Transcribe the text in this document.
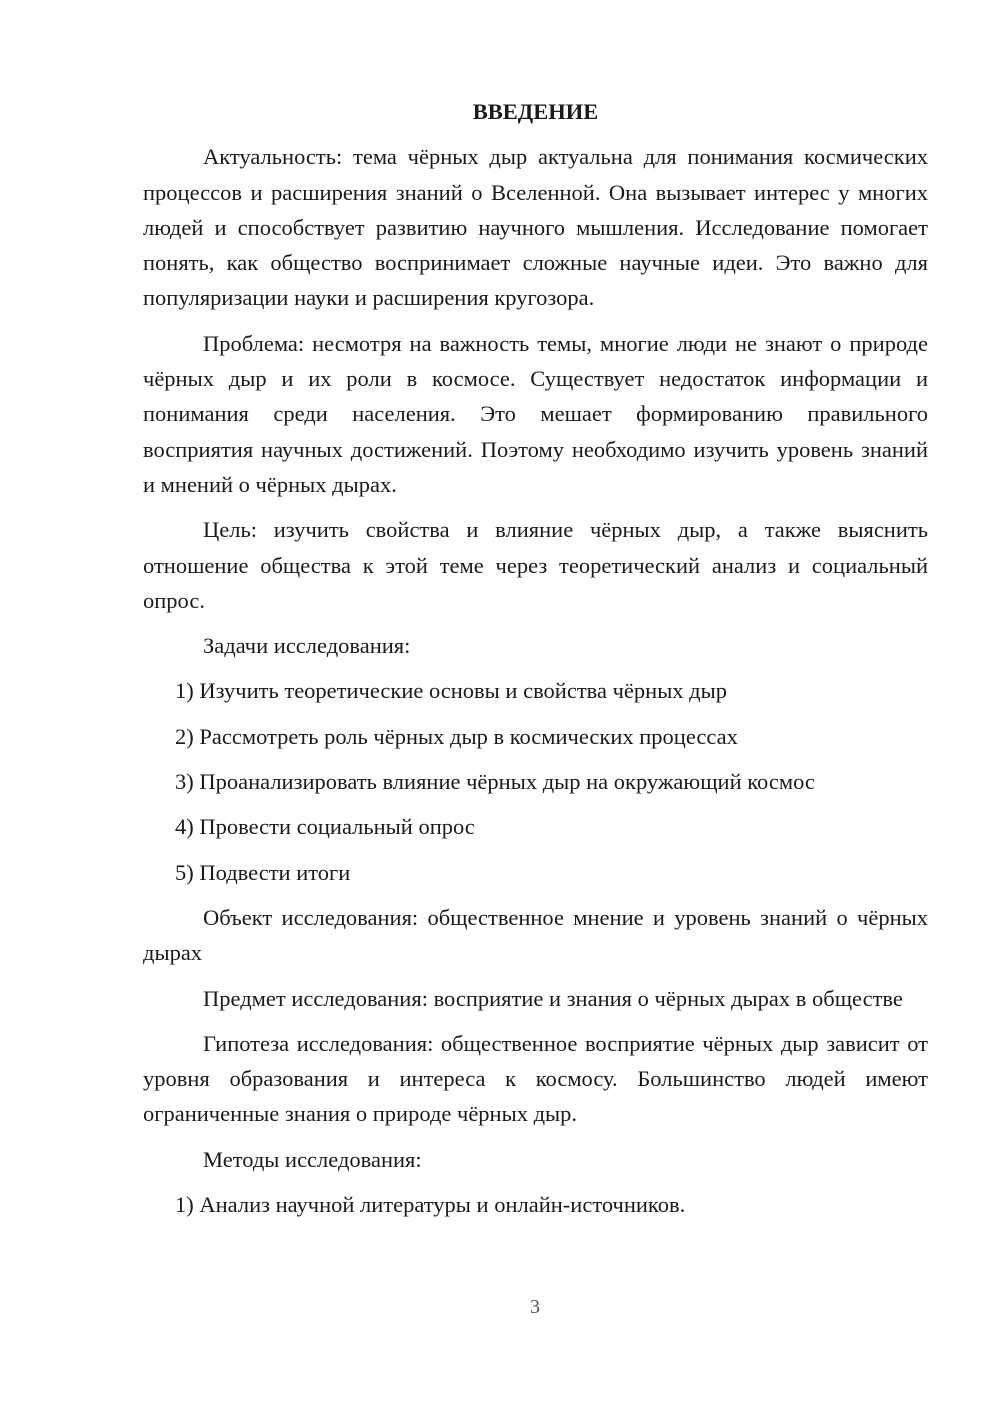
ВВЕДЕНИЕ

Актуальность: тема чёрных дыр актуальна для понимания космических процессов и расширения знаний о Вселенной. Она вызывает интерес у многих людей и способствует развитию научного мышления. Исследование помогает понять, как общество воспринимает сложные научные идеи. Это важно для популяризации науки и расширения кругозора.

Проблема: несмотря на важность темы, многие люди не знают о природе чёрных дыр и их роли в космосе. Существует недостаток информации и понимания среди населения. Это мешает формированию правильного восприятия научных достижений. Поэтому необходимо изучить уровень знаний и мнений о чёрных дырах.

Цель: изучить свойства и влияние чёрных дыр, а также выяснить отношение общества к этой теме через теоретический анализ и социальный опрос.

Задачи исследования:

1) Изучить теоретические основы и свойства чёрных дыр

2) Рассмотреть роль чёрных дыр в космических процессах

3) Проанализировать влияние чёрных дыр на окружающий космос

4) Провести социальный опрос

5) Подвести итоги

Объект исследования: общественное мнение и уровень знаний о чёрных дырах

Предмет исследования: восприятие и знания о чёрных дырах в обществе

Гипотеза исследования: общественное восприятие чёрных дыр зависит от уровня образования и интереса к космосу. Большинство людей имеют ограниченные знания о природе чёрных дыр.

Методы исследования:

1) Анализ научной литературы и онлайн-источников.

3
